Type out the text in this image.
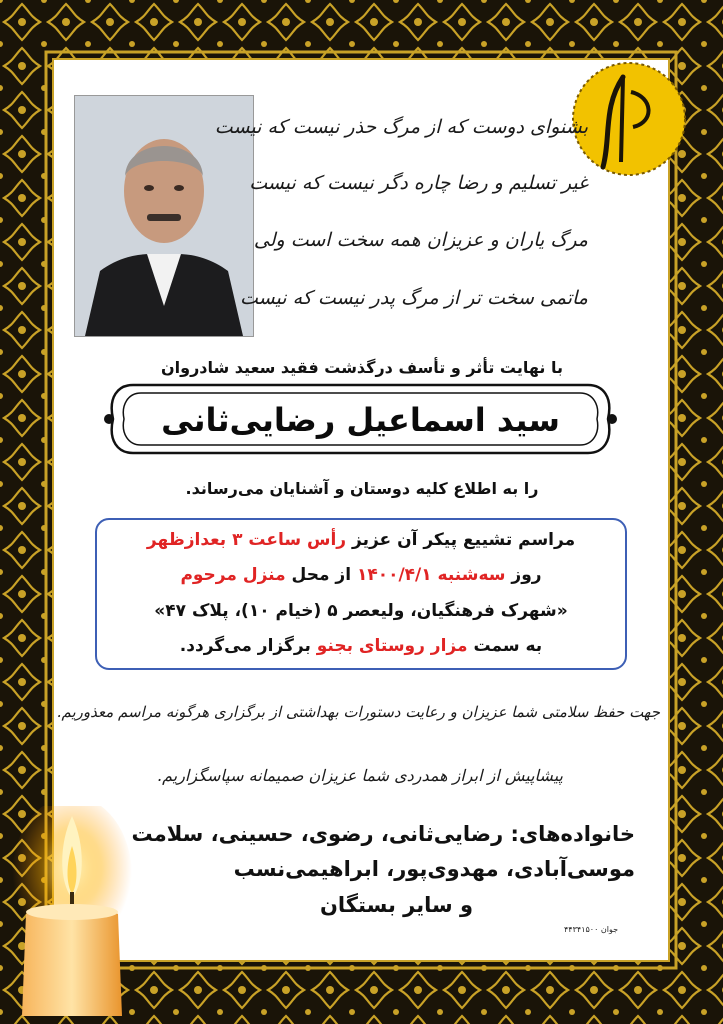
بشنوای دوست که از مرگ حذر نیست که نیست
غیر تسلیم و رضا چاره دگر نیست که نیست
مرگ یاران و عزیزان همه سخت است ولی
ماتمی سخت تر از مرگ پدر نیست که نیست
با نهایت تأثر و تأسف درگذشت فقید سعید شادروان
سید اسماعیل رضایی‌ثانی
را به اطلاع کلیه دوستان و آشنایان می‌رساند.
مراسم تشییع پیکر آن عزیز رأس ساعت ۳ بعدازظهر
روز سه‌شنبه ۱۴۰۰/۴/۱ از محل منزل مرحوم
«شهرک فرهنگیان، ولیعصر ۵ (خیام ۱۰)، پلاک ۴۷»
به سمت مزار روستای بجنو برگزار می‌گردد.
جهت حفظ سلامتی شما عزیزان و رعایت دستورات بهداشتی از برگزاری هرگونه مراسم معذوریم.
پیشاپیش از ابراز همدردی شما عزیزان صمیمانه سپاسگزاریم.
خانواده‌های: رضایی‌ثانی، رضوی، حسینی، سلامت
موسی‌آبادی، مهدوی‌پور، ابراهیمی‌نسب
و سایر بستگان
جوان ۴۴۳۴۱۵۰۰
